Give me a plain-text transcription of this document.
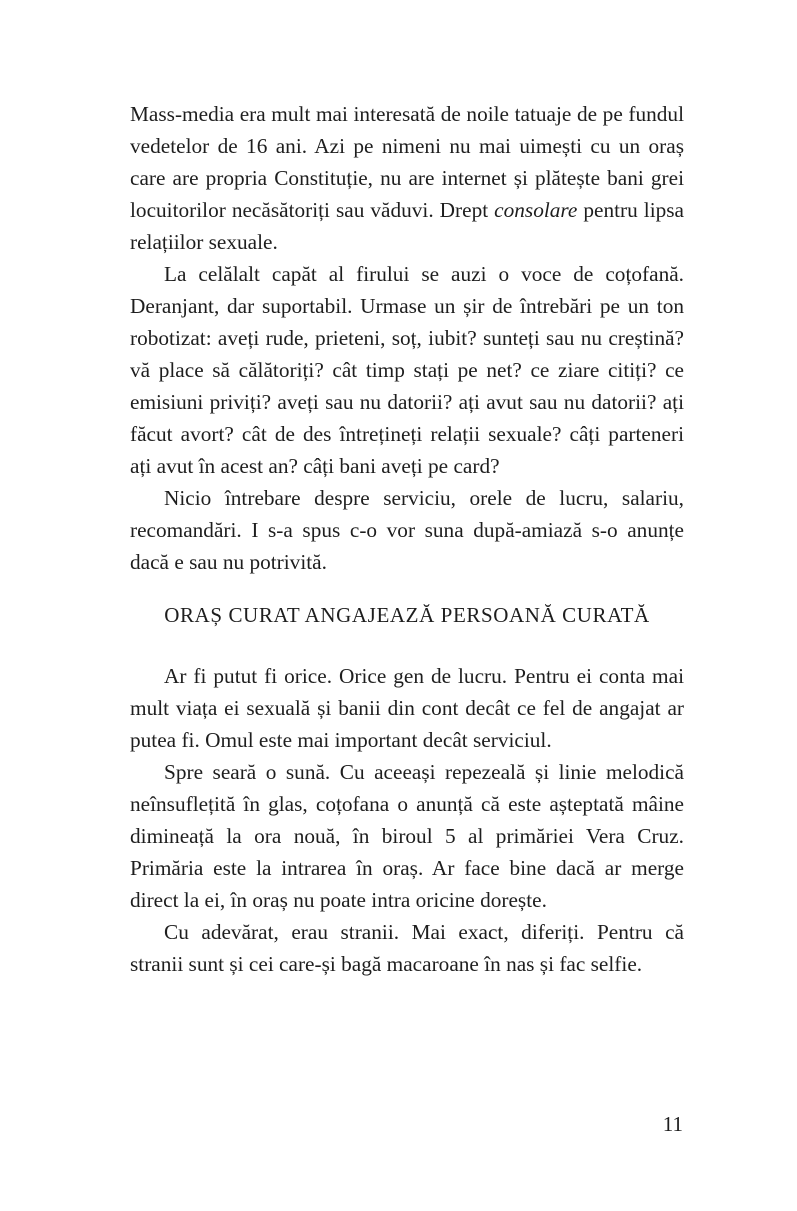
Mass-media era mult mai interesată de noile tatuaje de pe fundul vedetelor de 16 ani. Azi pe nimeni nu mai uimești cu un oraș care are propria Constituție, nu are internet și plătește bani grei locuitorilor necăsătoriți sau văduvi. Drept consolare pentru lipsa relațiilor sexuale.

La celălalt capăt al firului se auzi o voce de coțofană. Deranjant, dar suportabil. Urmase un șir de întrebări pe un ton robotizat: aveți rude, prieteni, soț, iubit? sunteți sau nu creștină? vă place să călătoriți? cât timp stați pe net? ce ziare citiți? ce emisiuni priviți? aveți sau nu datorii? ați avut sau nu datorii? ați făcut avort? cât de des întrețineți relații sexuale? câți parteneri ați avut în acest an? câți bani aveți pe card?

Nicio întrebare despre serviciu, orele de lucru, salariu, recomandări. I s-a spus c-o vor suna după-amiază s-o anunțe dacă e sau nu potrivită.

ORAȘ CURAT ANGAJEAZĂ PERSOANĂ CURATĂ

Ar fi putut fi orice. Orice gen de lucru. Pentru ei conta mai mult viața ei sexuală și banii din cont decât ce fel de angajat ar putea fi. Omul este mai important decât serviciul.

Spre seară o sună. Cu aceeași repezeală și linie melodică neînsuflețită în glas, coțofana o anunță că este așteptată mâine dimineață la ora nouă, în biroul 5 al primăriei Vera Cruz. Primăria este la intrarea în oraș. Ar face bine dacă ar merge direct la ei, în oraș nu poate intra oricine dorește.

Cu adevărat, erau stranii. Mai exact, diferiți. Pentru că stranii sunt și cei care-și bagă macaroane în nas și fac selfie.

11
